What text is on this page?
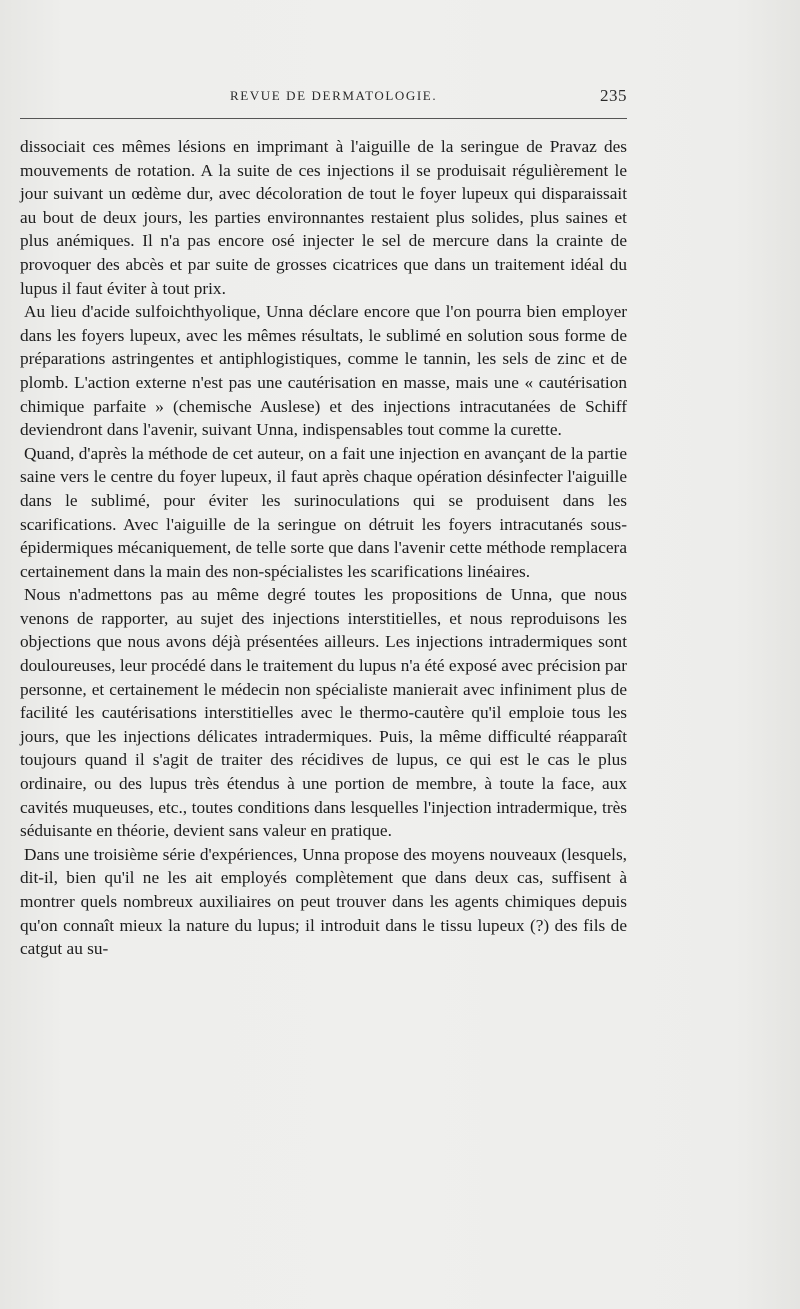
REVUE DE DERMATOLOGIE.	235

dissociait ces mêmes lésions en imprimant à l'aiguille de la seringue de Pravaz des mouvements de rotation. A la suite de ces injections il se produisait régulièrement le jour suivant un œdème dur, avec décoloration de tout le foyer lupeux qui disparaissait au bout de deux jours, les parties environnantes restaient plus solides, plus saines et plus anémiques. Il n'a pas encore osé injecter le sel de mercure dans la crainte de provoquer des abcès et par suite de grosses cicatrices que dans un traitement idéal du lupus il faut éviter à tout prix.

Au lieu d'acide sulfoichthyolique, Unna déclare encore que l'on pourra bien employer dans les foyers lupeux, avec les mêmes résultats, le sublimé en solution sous forme de préparations astringentes et antiphlogistiques, comme le tannin, les sels de zinc et de plomb. L'action externe n'est pas une cautérisation en masse, mais une « cautérisation chimique parfaite » (chemische Auslese) et des injections intracutanées de Schiff deviendront dans l'avenir, suivant Unna, indispensables tout comme la curette.

Quand, d'après la méthode de cet auteur, on a fait une injection en avançant de la partie saine vers le centre du foyer lupeux, il faut après chaque opération désinfecter l'aiguille dans le sublimé, pour éviter les surinoculations qui se produisent dans les scarifications. Avec l'aiguille de la seringue on détruit les foyers intracutanés sous-épidermiques mécaniquement, de telle sorte que dans l'avenir cette méthode remplacera certainement dans la main des non-spécialistes les scarifications linéaires.

Nous n'admettons pas au même degré toutes les propositions de Unna, que nous venons de rapporter, au sujet des injections interstitielles, et nous reproduisons les objections que nous avons déjà présentées ailleurs. Les injections intradermiques sont douloureuses, leur procédé dans le traitement du lupus n'a été exposé avec précision par personne, et certainement le médecin non spécialiste manierait avec infiniment plus de facilité les cautérisations interstitielles avec le thermo-cautère qu'il emploie tous les jours, que les injections délicates intradermiques. Puis, la même difficulté réapparaît toujours quand il s'agit de traiter des récidives de lupus, ce qui est le cas le plus ordinaire, ou des lupus très étendus à une portion de membre, à toute la face, aux cavités muqueuses, etc., toutes conditions dans lesquelles l'injection intradermique, très séduisante en théorie, devient sans valeur en pratique.

Dans une troisième série d'expériences, Unna propose des moyens nouveaux (lesquels, dit-il, bien qu'il ne les ait employés complètement que dans deux cas, suffisent à montrer quels nombreux auxiliaires on peut trouver dans les agents chimiques depuis qu'on connaît mieux la nature du lupus; il introduit dans le tissu lupeux (?) des fils de catgut au su-
